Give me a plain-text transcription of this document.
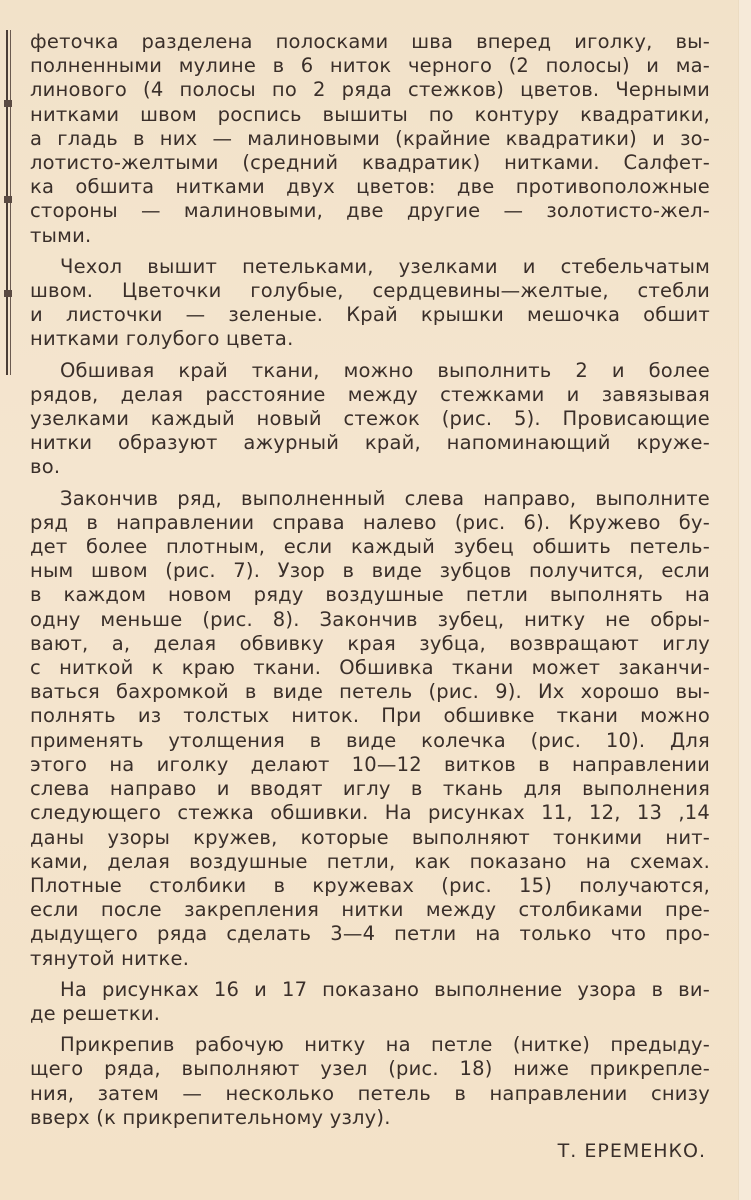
фeточка разделена полосками шва вперед иголку, вы-
полненными мулине в 6 ниток черного (2 полосы) и ма-
линового (4 полосы по 2 ряда стежков) цветов. Черными
нитками швом роспись вышиты по контуру квадратики,
а гладь в них — малиновыми (крайние квадратики) и зо-
лотисто-желтыми (средний квадратик) нитками. Салфет-
ка обшита нитками двух цветов: две противоположные
стороны — малиновыми, две другие — золотисто-жел-
тыми.

Чехол вышит петельками, узелками и стебельчатым
швом. Цветочки голубые, сердцевины—желтые, стебли
и листочки — зеленые. Край крышки мешочка обшит
нитками голубого цвета.

Обшивая край ткани, можно выполнить 2 и более
рядов, делая расстояние между стежками и завязывая
узелками каждый новый стежок (рис. 5). Провисающие
нитки образуют ажурный край, напоминающий круже-
во.

Закончив ряд, выполненный слева направо, выполните
ряд в направлении справа налево (рис. 6). Кружево бу-
дет более плотным, если каждый зубец обшить петель-
ным швом (рис. 7). Узор в виде зубцов получится, если
в каждом новом ряду воздушные петли выполнять на
одну меньше (рис. 8). Закончив зубец, нитку не обры-
вают, а, делая обвивку края зубца, возвращают иглу
с ниткой к краю ткани. Обшивка ткани может заканчи-
ваться бахромкой в виде петель (рис. 9). Их хорошо вы-
полнять из толстых ниток. При обшивке ткани можно
применять утолщения в виде колечка (рис. 10). Для
этого на иголку делают 10—12 витков в направлении
слева направо и вводят иглу в ткань для выполнения
следующего стежка обшивки. На рисунках 11, 12, 13 ,14
даны узоры кружев, которые выполняют тонкими нит-
ками, делая воздушные петли, как показано на схемах.
Плотные столбики в кружевах (рис. 15) получаются,
если после закрепления нитки между столбиками пре-
дыдущего ряда сделать 3—4 петли на только что про-
тянутой нитке.

На рисунках 16 и 17 показано выполнение узора в ви-
де решетки.

Прикрепив рабочую нитку на петле (нитке) предыду-
щего ряда, выполняют узел (рис. 18) ниже прикрепле-
ния, затем — несколько петель в направлении снизу
вверх (к прикрепительному узлу).

Т. ЕРЕМЕНКО.
